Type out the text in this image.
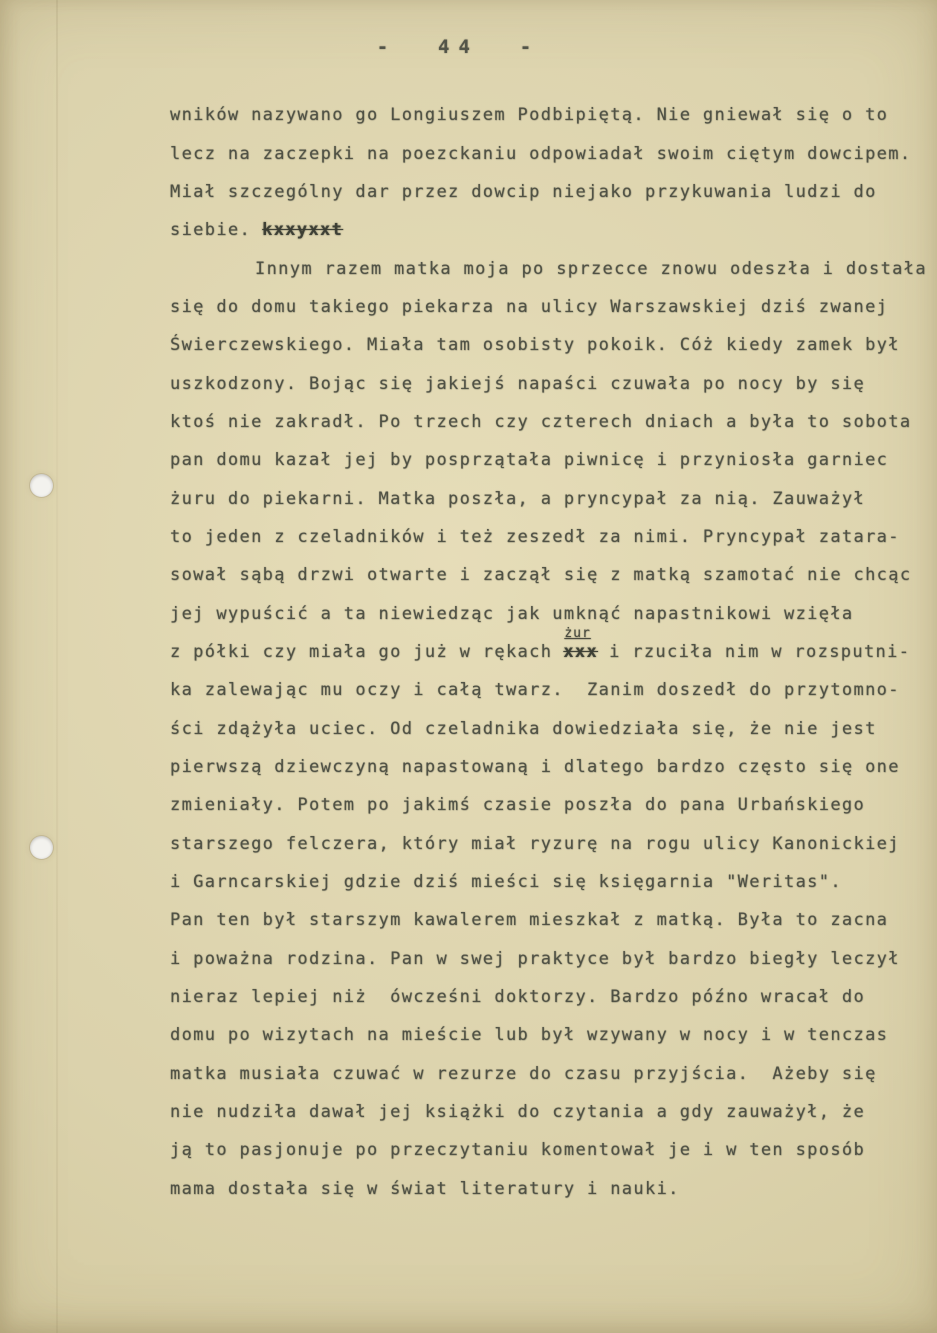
-  44  -
wników nazywano go Longiuszem Podbipiętą. Nie gniewał się o to
lecz na zaczepki na poezckaniu odpowiadał swoim ciętym dowcipem.
Miał szczególny dar przez dowcip niejako przykuwania ludzi do
siebie. kxxyxxt
Innym razem matka moja po sprzecce znowu odeszła i dostała
się do domu takiego piekarza na ulicy Warszawskiej dziś zwanej
Świerczewskiego. Miała tam osobisty pokoik. Cóż kiedy zamek był
uszkodzony. Bojąc się jakiejś napaści czuwała po nocy by się
ktoś nie zakradł. Po trzech czy czterech dniach a była to sobota
pan domu kazał jej by posprzątała piwnicę i przyniosła garniec
żuru do piekarni. Matka poszła, a pryncypał za nią. Zauważył
to jeden z czeladników i też zeszedł za nimi. Pryncypał zatara-
sował sąbą drzwi otwarte i zaczął się z matką szamotać nie chcąc
jej wypuścić a ta niewiedząc jak umknąć napastnikowi wzięła
z półki czy miała go już w rękach xxx
żur
i rzuciła nim w rozsputni-
ka zalewając mu oczy i całą twarz.  Zanim doszedł do przytomno-
ści zdążyła uciec. Od czeladnika dowiedziała się, że nie jest
pierwszą dziewczyną napastowaną i dlatego bardzo często się one
zmieniały. Potem po jakimś czasie poszła do pana Urbańskiego
starszego felczera, który miał ryzurę na rogu ulicy Kanonickiej
i Garncarskiej gdzie dziś mieści się księgarnia "Weritas".
Pan ten był starszym kawalerem mieszkał z matką. Była to zacna
i poważna rodzina. Pan w swej praktyce był bardzo biegły leczył
nieraz lepiej niż  ówcześni doktorzy. Bardzo późno wracał do
domu po wizytach na mieście lub był wzywany w nocy i w tenczas
matka musiała czuwać w rezurze do czasu przyjścia.  Ażeby się
nie nudziła dawał jej książki do czytania a gdy zauważył, że
ją to pasjonuje po przeczytaniu komentował je i w ten sposób
mama dostała się w świat literatury i nauki.
